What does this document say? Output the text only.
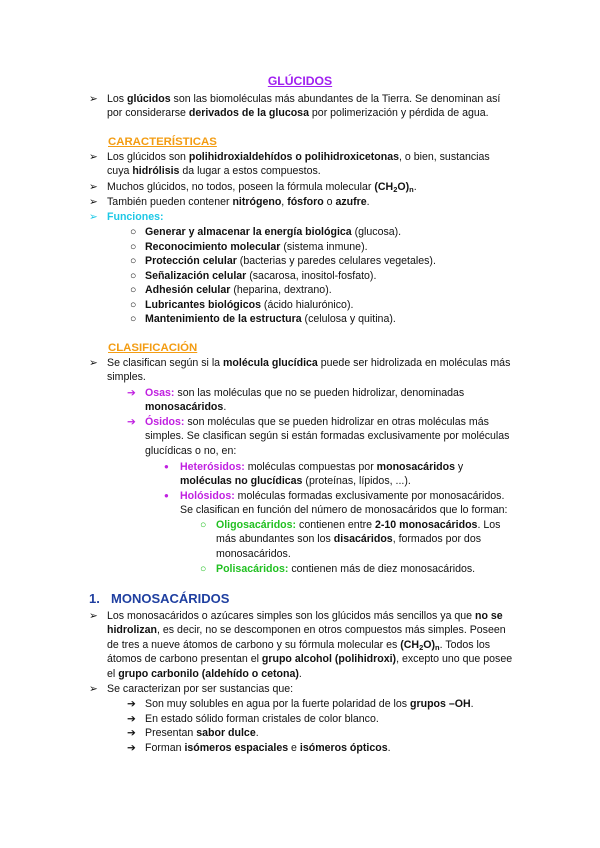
GLÚCIDOS
➢ Los glúcidos son las biomoléculas más abundantes de la Tierra. Se denominan así por considerarse derivados de la glucosa por polimerización y pérdida de agua.
CARACTERÍSTICAS
➢ Los glúcidos son polihidroxialdehídos o polihidroxicetonas, o bien, sustancias cuya hidrólisis da lugar a estos compuestos.
➢ Muchos glúcidos, no todos, poseen la fórmula molecular $(CH_2O)_n$.
➢ También pueden contener nitrógeno, fósforo o azufre.
➢ Funciones:
○ Generar y almacenar la energía biológica (glucosa).
○ Reconocimiento molecular (sistema inmune).
○ Protección celular (bacterias y paredes celulares vegetales).
○ Señalización celular (sacarosa, inositol-fosfato).
○ Adhesión celular (heparina, dextrano).
○ Lubricantes biológicos (ácido hialurónico).
○ Mantenimiento de la estructura (celulosa y quitina).
CLASIFICACIÓN
➢ Se clasifican según si la molécula glucídica puede ser hidrolizada en moléculas más simples.
➔ Osas: son las moléculas que no se pueden hidrolizar, denominadas monosacáridos.
➔ Ósidos: son moléculas que se pueden hidrolizar en otras moléculas más simples. Se clasifican según si están formadas exclusivamente por moléculas glucídicas o no, en:
● Heterósidos: moléculas compuestas por monosacáridos y moléculas no glucídicas (proteínas, lípidos, ...).
● Holósidos: moléculas formadas exclusivamente por monosacáridos. Se clasifican en función del número de monosacáridos que lo forman:
○ Oligosacáridos: contienen entre 2-10 monosacáridos. Los más abundantes son los disacáridos, formados por dos monosacáridos.
○ Polisacáridos: contienen más de diez monosacáridos.
1. MONOSACÁRIDOS
➢ Los monosacáridos o azúcares simples son los glúcidos más sencillos ya que no se hidrolizan, es decir, no se descomponen en otros compuestos más simples. Poseen de tres a nueve átomos de carbono y su fórmula molecular es $(CH_2O)_n$. Todos los átomos de carbono presentan el grupo alcohol (polihidroxi), excepto uno que posee el grupo carbonilo (aldehído o cetona).
➢ Se caracterizan por ser sustancias que:
➔ Son muy solubles en agua por la fuerte polaridad de los grupos –OH.
➔ En estado sólido forman cristales de color blanco.
➔ Presentan sabor dulce.
➔ Forman isómeros espaciales e isómeros ópticos.
